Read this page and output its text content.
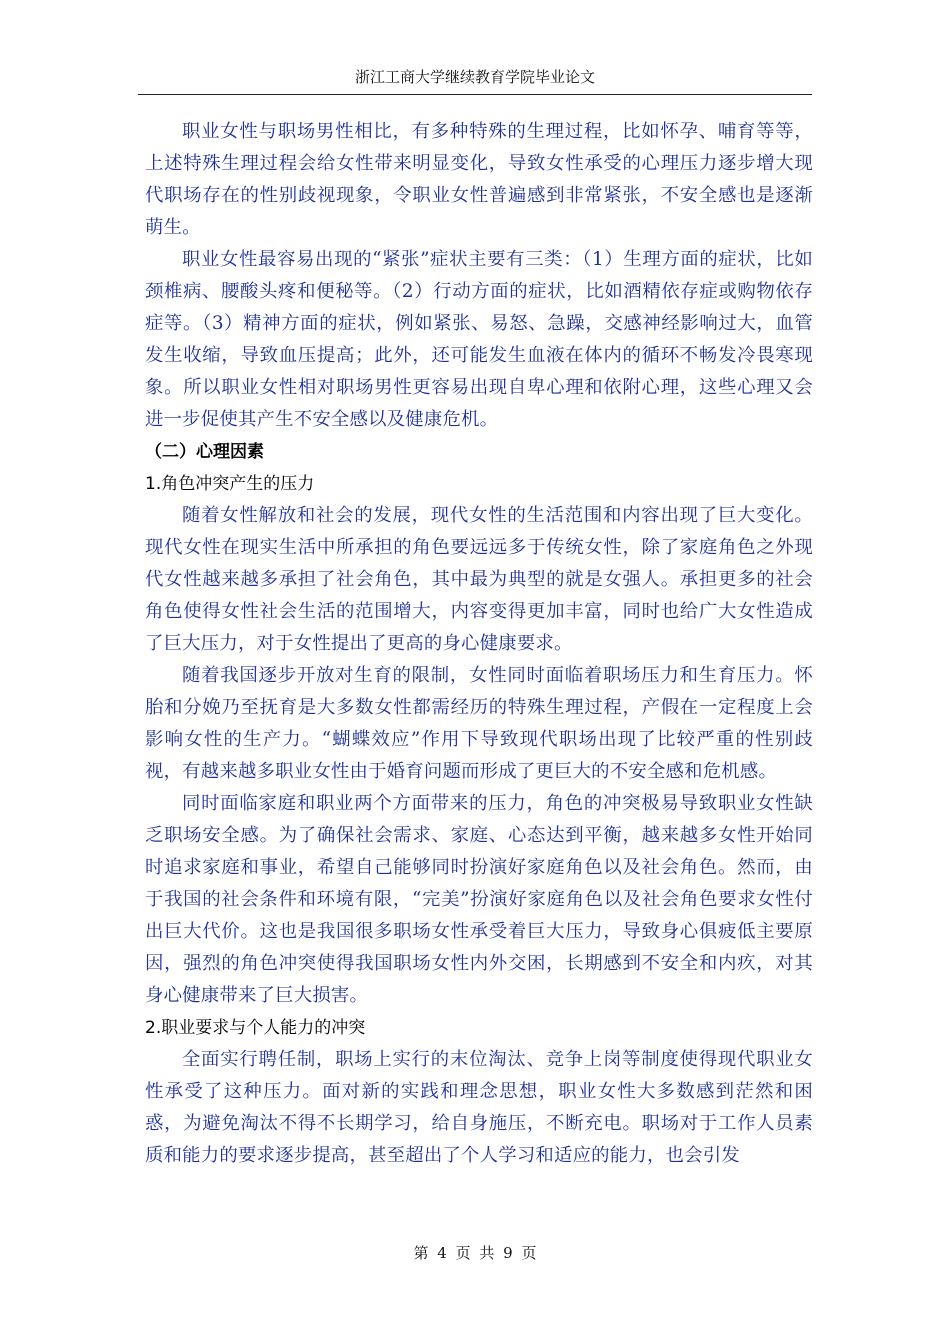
浙江工商大学继续教育学院毕业论文

职业女性与职场男性相比，有多种特殊的生理过程，比如怀孕、哺育等等，上述特殊生理过程会给女性带来明显变化，导致女性承受的心理压力逐步增大现代职场存在的性别歧视现象，令职业女性普遍感到非常紧张，不安全感也是逐渐萌生。

职业女性最容易出现的“紧张”症状主要有三类：（1）生理方面的症状，比如颈椎病、腰酸头疼和便秘等。（2）行动方面的症状，比如酒精依存症或购物依存症等。（3）精神方面的症状，例如紧张、易怒、急躁，交感神经影响过大，血管发生收缩，导致血压提高；此外，还可能发生血液在体内的循环不畅发冷畏寒现象。所以职业女性相对职场男性更容易出现自卑心理和依附心理，这些心理又会进一步促使其产生不安全感以及健康危机。

（二）心理因素

1.角色冲突产生的压力

随着女性解放和社会的发展，现代女性的生活范围和内容出现了巨大变化。现代女性在现实生活中所承担的角色要远远多于传统女性，除了家庭角色之外现代女性越来越多承担了社会角色，其中最为典型的就是女强人。承担更多的社会角色使得女性社会生活的范围增大，内容变得更加丰富，同时也给广大女性造成了巨大压力，对于女性提出了更高的身心健康要求。

随着我国逐步开放对生育的限制，女性同时面临着职场压力和生育压力。怀胎和分娩乃至抚育是大多数女性都需经历的特殊生理过程，产假在一定程度上会影响女性的生产力。“蝴蝶效应”作用下导致现代职场出现了比较严重的性别歧视，有越来越多职业女性由于婚育问题而形成了更巨大的不安全感和危机感。

同时面临家庭和职业两个方面带来的压力，角色的冲突极易导致职业女性缺乏职场安全感。为了确保社会需求、家庭、心态达到平衡，越来越多女性开始同时追求家庭和事业，希望自己能够同时扮演好家庭角色以及社会角色。然而，由于我国的社会条件和环境有限，“完美”扮演好家庭角色以及社会角色要求女性付出巨大代价。这也是我国很多职场女性承受着巨大压力，导致身心俱疲低主要原因，强烈的角色冲突使得我国职场女性内外交困，长期感到不安全和内疚，对其身心健康带来了巨大损害。

2.职业要求与个人能力的冲突

全面实行聘任制，职场上实行的末位淘汰、竞争上岗等制度使得现代职业女性承受了这种压力。面对新的实践和理念思想，职业女性大多数感到茫然和困惑，为避免淘汰不得不长期学习，给自身施压，不断充电。职场对于工作人员素质和能力的要求逐步提高，甚至超出了个人学习和适应的能力，也会引发

第 4 页 共 9 页
